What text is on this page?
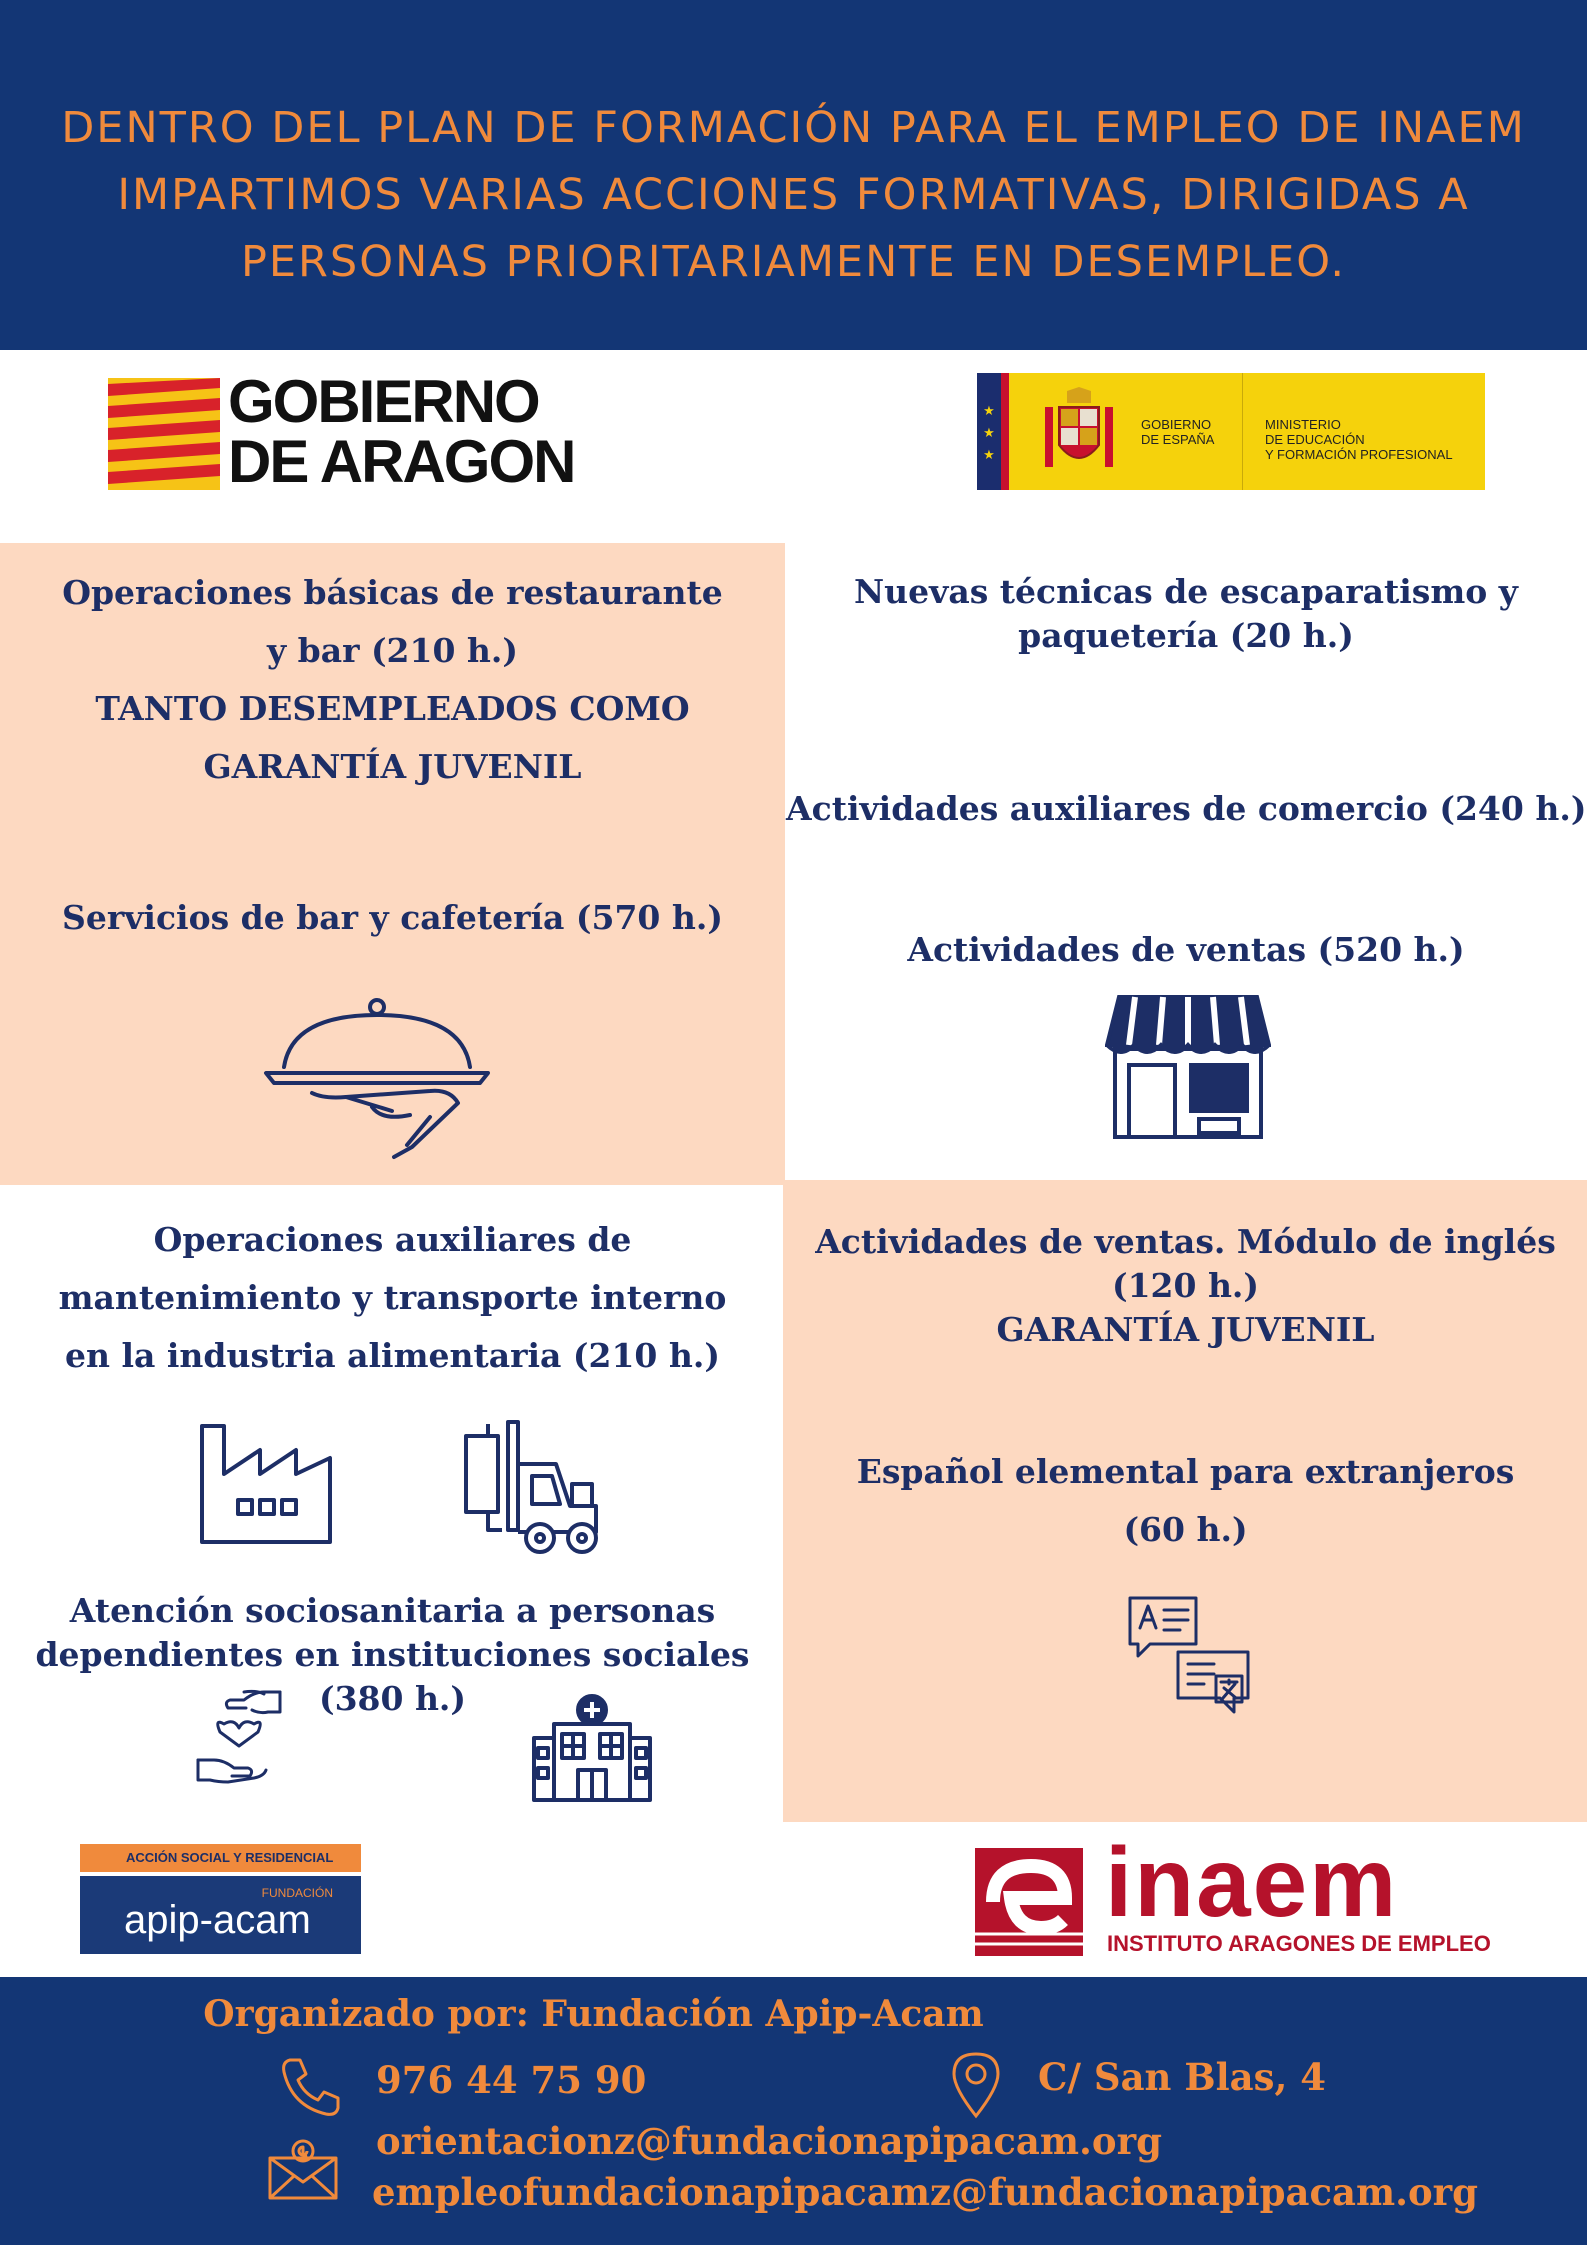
DENTRO DEL PLAN DE FORMACIÓN PARA EL EMPLEO DE INAEM
IMPARTIMOS VARIAS ACCIONES FORMATIVAS, DIRIGIDAS A
PERSONAS PRIORITARIAMENTE EN DESEMPLEO.
GOBIERNO
DE ARAGON
★
★
★
GOBIERNO
DE ESPAÑA
MINISTERIO
DE EDUCACIÓN
Y FORMACIÓN PROFESIONAL
Operaciones básicas de restaurante
y bar (210 h.)
TANTO DESEMPLEADOS COMO
GARANTÍA JUVENIL
Servicios de bar y cafetería (570 h.)
Nuevas técnicas de escaparatismo y
paquetería (20 h.)
Actividades auxiliares de comercio (240 h.)
Actividades de ventas (520 h.)
Operaciones auxiliares de
mantenimiento y transporte interno
en la industria alimentaria (210 h.)
Atención sociosanitaria a personas
dependientes en instituciones sociales
(380 h.)
Actividades de ventas. Módulo de inglés
(120 h.)
GARANTÍA JUVENIL
Español elemental para extranjeros
(60 h.)
ACCIÓN SOCIAL Y RESIDENCIAL
FUNDACIÓN
apip-acam	inaem
INSTITUTO ARAGONES DE EMPLEO
Organizado por: Fundación Apip-Acam
976 44 75 90	C/ San Blas, 4
orientacionz@fundacionapipacam.org
empleofundacionapipacamz@fundacionapipacam.org
